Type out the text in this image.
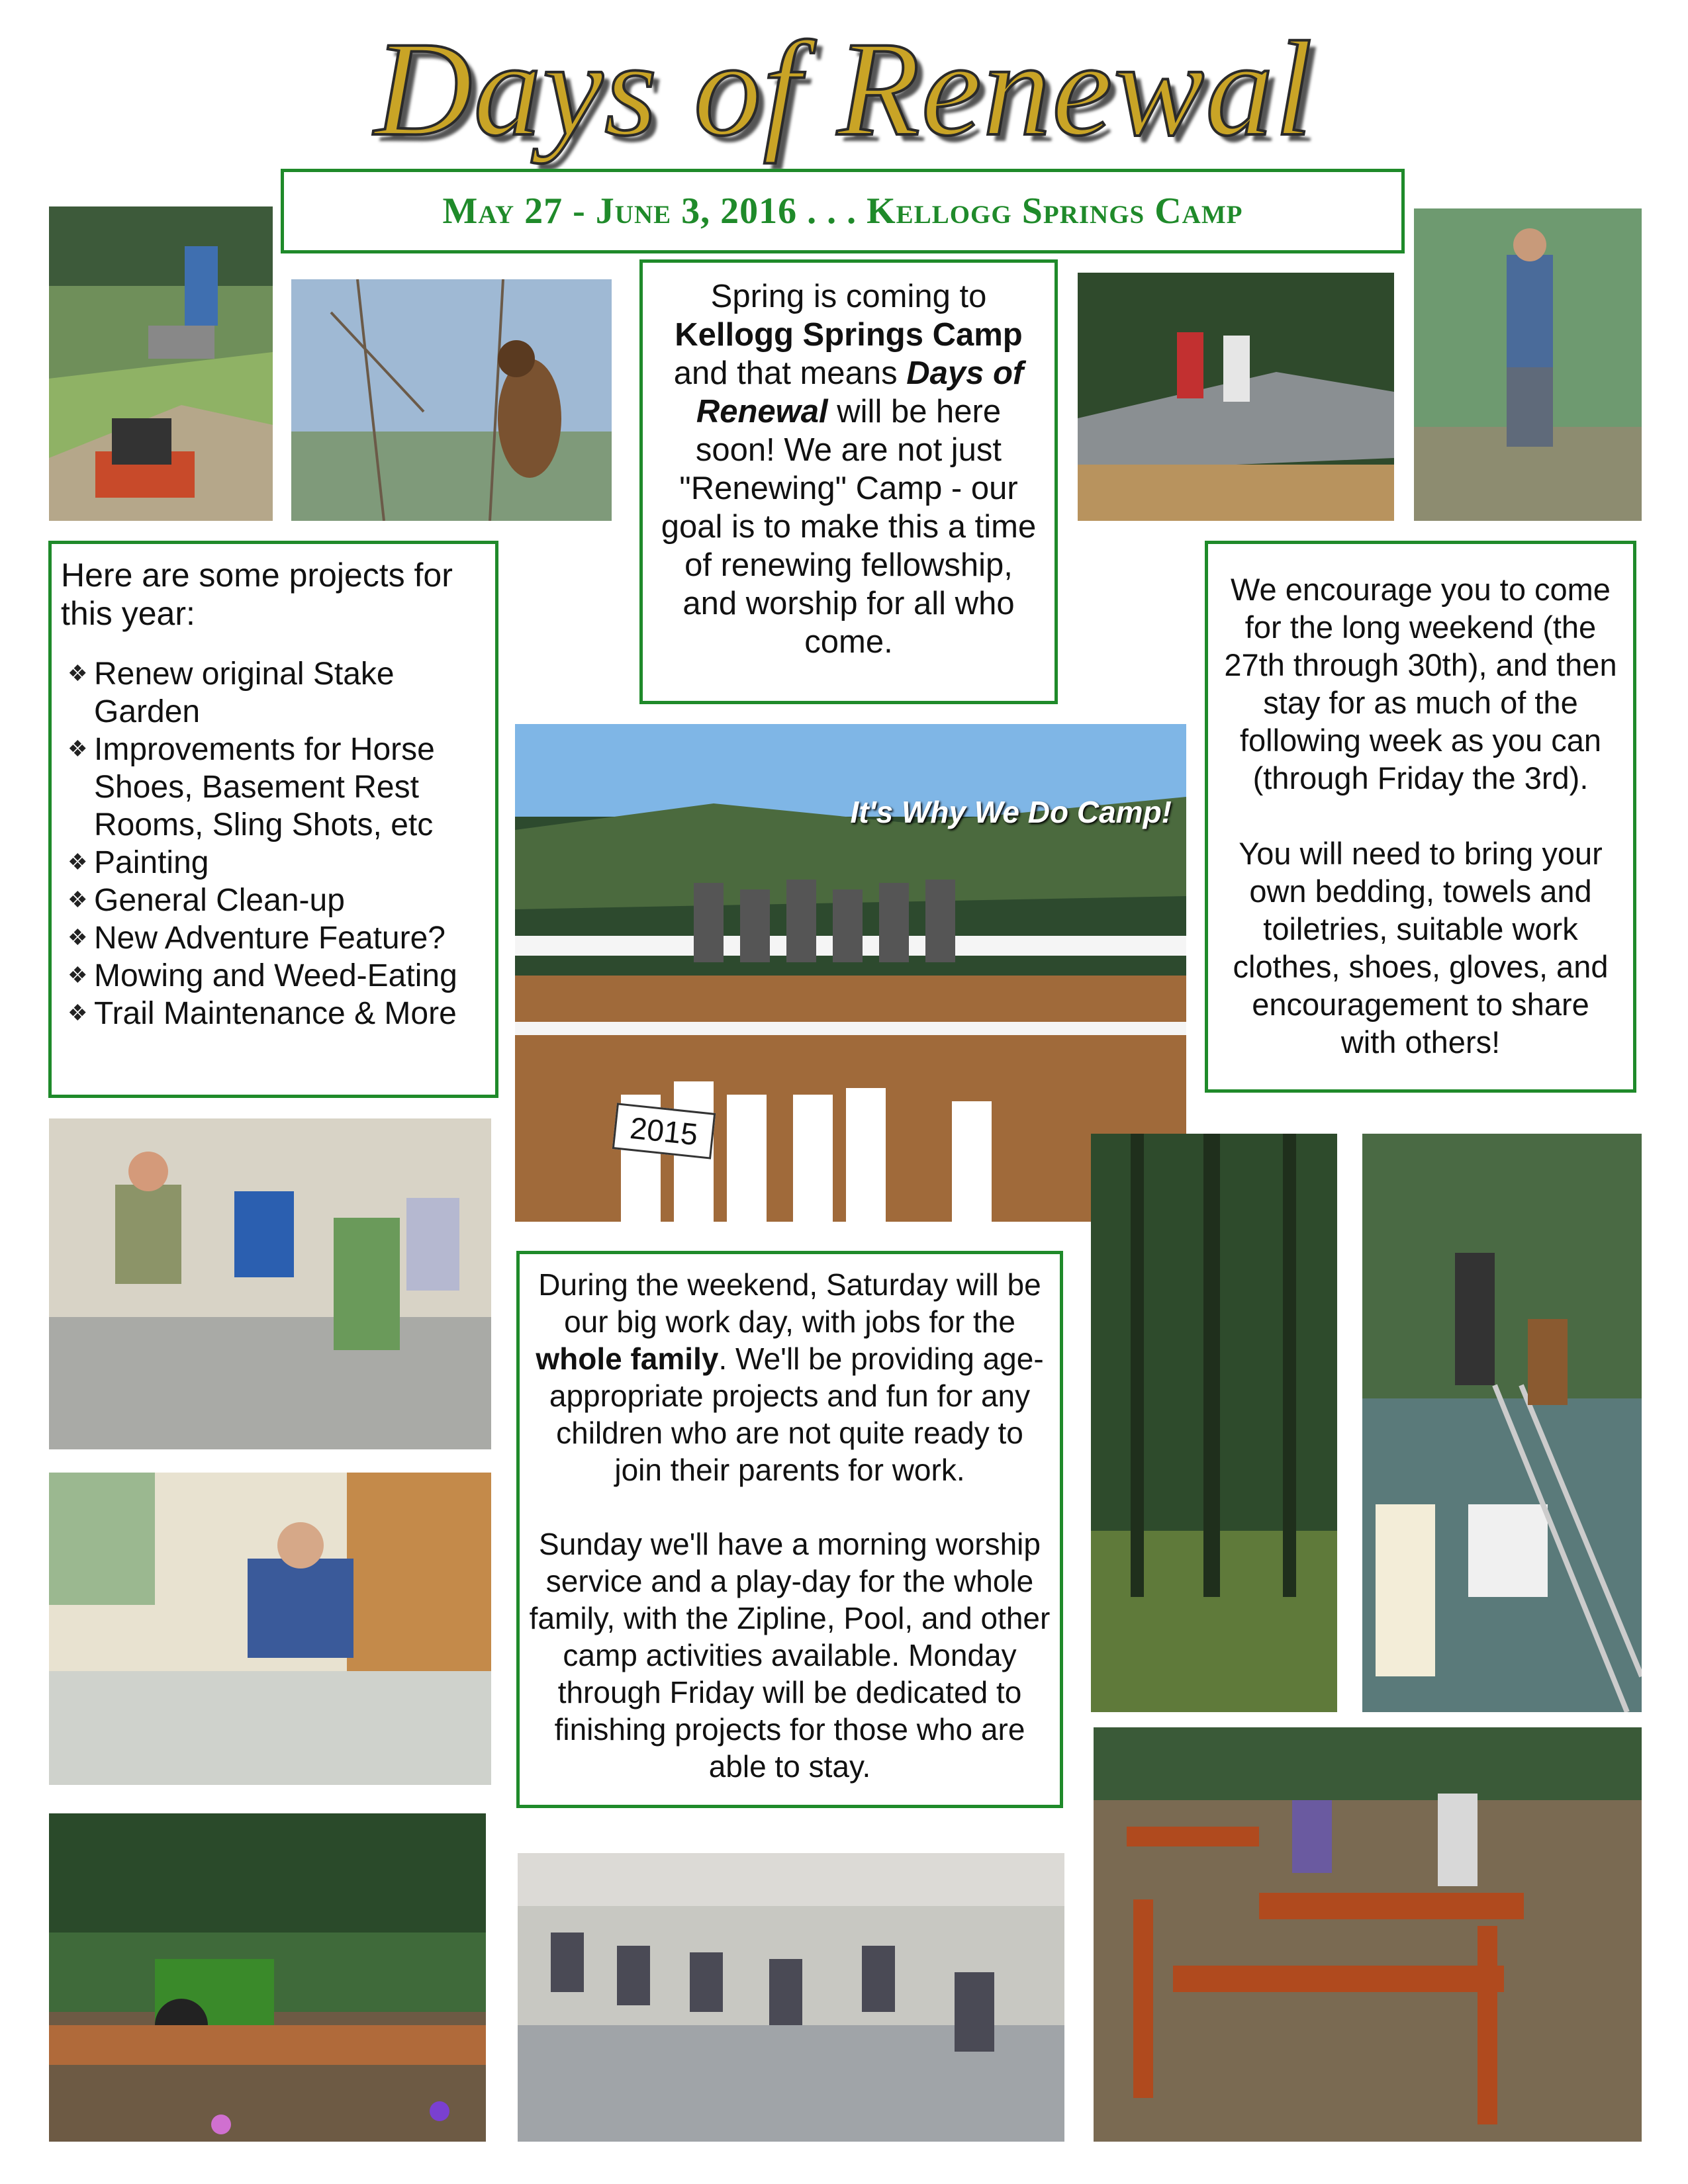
Days of Renewal
May 27 - June 3, 2016 . . . Kellogg Springs Camp
2015
It's Why We Do Camp!

Spring is coming to
Kellogg Springs Camp
and that means Days of Renewal will be here soon! We are not just "Renewing" Camp - our goal is to make this a time of renewing fellowship, and worship for all who come.

Here are some projects for this year:

❖ Renew original Stake Garden
❖ Improvements for Horse Shoes, Basement Rest Rooms, Sling Shots, etc
❖ Painting
❖ General Clean-up
❖ New Adventure Feature?
❖ Mowing and Weed-Eating
❖ Trail Maintenance & More

We encourage you to come for the long weekend (the 27th through 30th), and then stay for as much of the following week as you can (through Friday the 3rd).

You will need to bring your own bedding, towels and toiletries, suitable work clothes, shoes, gloves, and encouragement to share with others!

During the weekend, Saturday will be our big work day, with jobs for the whole family. We'll be providing age-appropriate projects and fun for any children who are not quite ready to join their parents for work.

Sunday we'll have a morning worship service and a play-day for the whole family, with the Zipline, Pool, and other camp activities available. Monday through Friday will be dedicated to finishing projects for those who are able to stay.
